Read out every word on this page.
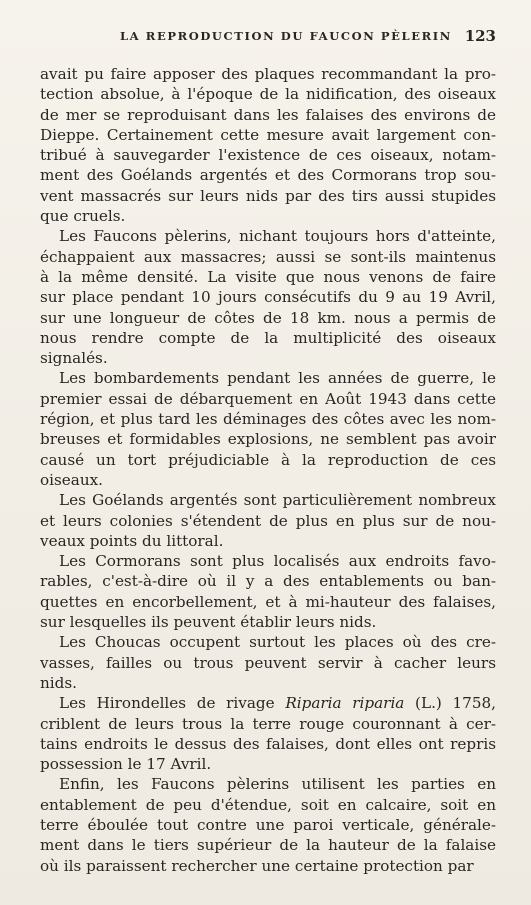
LA REPRODUCTION DU FAUCON PÈLERIN 123
avait pu faire apposer des plaques recommandant la pro-
tection absolue, à l'époque de la nidification, des oiseaux
de mer se reproduisant dans les falaises des environs de
Dieppe. Certainement cette mesure avait largement con-
tribué à sauvegarder l'existence de ces oiseaux, notam-
ment des Goélands argentés et des Cormorans trop sou-
vent massacrés sur leurs nids par des tirs aussi stupides
que cruels.
Les Faucons pèlerins, nichant toujours hors d'atteinte,
échappaient aux massacres; aussi se sont-ils maintenus
à la même densité. La visite que nous venons de faire
sur place pendant 10 jours consécutifs du 9 au 19 Avril,
sur une longueur de côtes de 18 km. nous a permis de
nous rendre compte de la multiplicité des oiseaux
signalés.
Les bombardements pendant les années de guerre, le
premier essai de débarquement en Août 1943 dans cette
région, et plus tard les déminages des côtes avec les nom-
breuses et formidables explosions, ne semblent pas avoir
causé un tort préjudiciable à la reproduction de ces
oiseaux.
Les Goélands argentés sont particulièrement nombreux
et leurs colonies s'étendent de plus en plus sur de nou-
veaux points du littoral.
Les Cormorans sont plus localisés aux endroits favo-
rables, c'est-à-dire où il y a des entablements ou ban-
quettes en encorbellement, et à mi-hauteur des falaises,
sur lesquelles ils peuvent établir leurs nids.
Les Choucas occupent surtout les places où des cre-
vasses, failles ou trous peuvent servir à cacher leurs
nids.
Les Hirondelles de rivage Riparia riparia (L.) 1758,
criblent de leurs trous la terre rouge couronnant à cer-
tains endroits le dessus des falaises, dont elles ont repris
possession le 17 Avril.
Enfin, les Faucons pèlerins utilisent les parties en
entablement de peu d'étendue, soit en calcaire, soit en
terre éboulée tout contre une paroi verticale, générale-
ment dans le tiers supérieur de la hauteur de la falaise
où ils paraissent rechercher une certaine protection par
